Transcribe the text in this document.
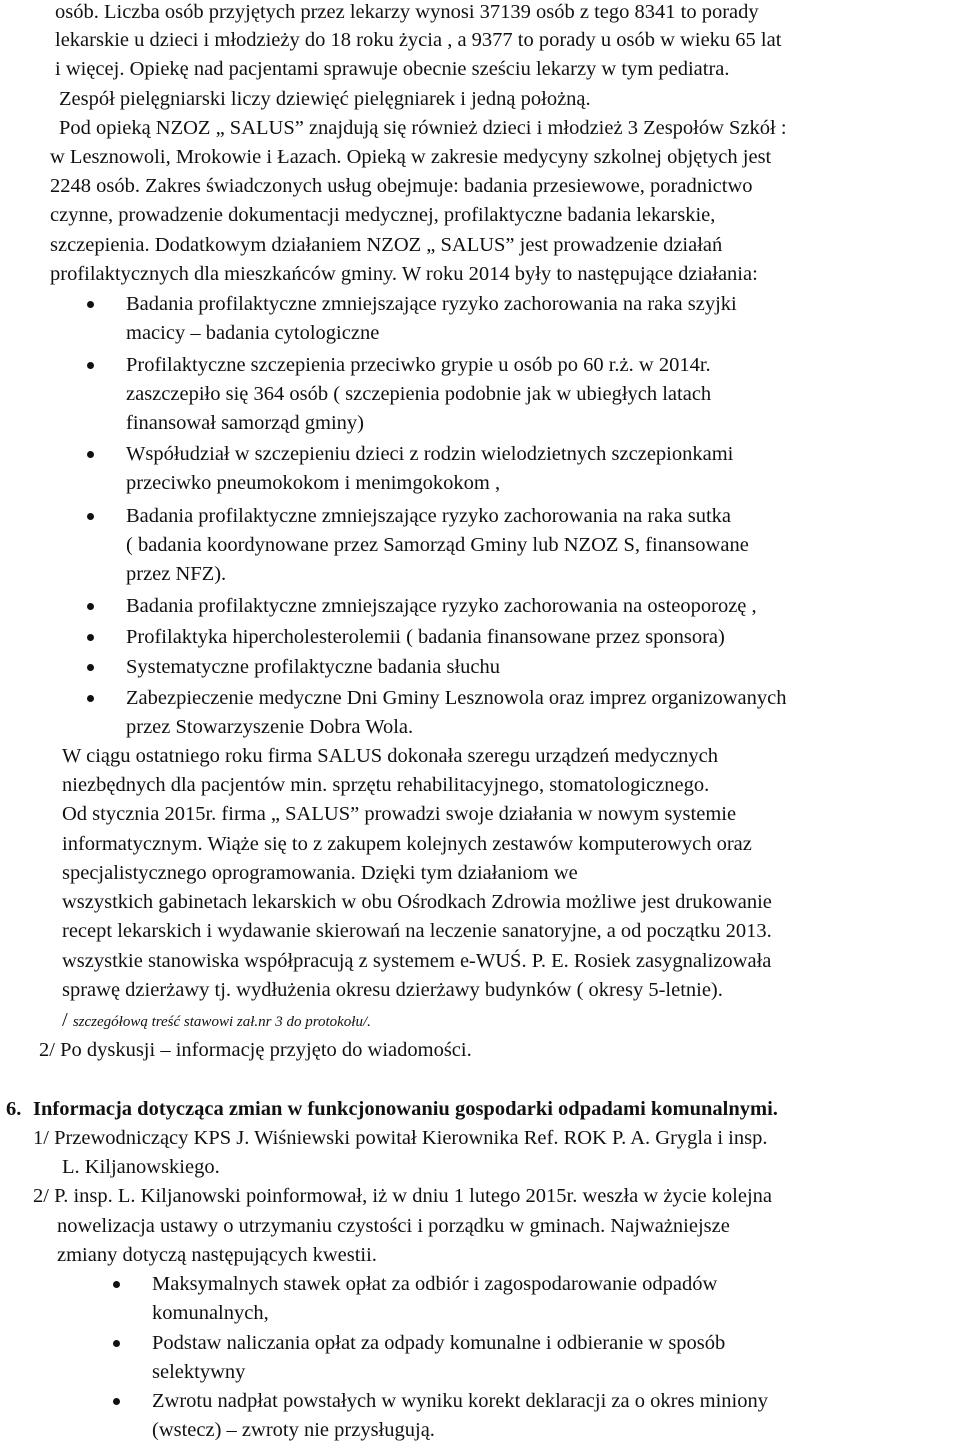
osób. Liczba osób przyjętych przez lekarzy wynosi 37139 osób z tego 8341 to porady
lekarskie u dzieci i młodzieży do 18 roku życia , a 9377 to porady u osób w wieku 65 lat
i więcej. Opiekę nad pacjentami sprawuje obecnie sześciu lekarzy w tym pediatra.
Zespół pielęgniarski liczy dziewięć pielęgniarek i jedną położną.
Pod opieką NZOZ „ SALUS” znajdują się również dzieci i młodzież 3 Zespołów Szkół :
w Lesznowoli, Mrokowie i Łazach. Opieką w zakresie medycyny szkolnej objętych jest
2248 osób. Zakres świadczonych usług obejmuje: badania przesiewowe, poradnictwo
czynne, prowadzenie dokumentacji medycznej, profilaktyczne badania lekarskie,
szczepienia. Dodatkowym działaniem NZOZ „ SALUS” jest prowadzenie działań
profilaktycznych dla mieszkańców gminy. W roku 2014 były to następujące działania:
Badania profilaktyczne zmniejszające ryzyko zachorowania na raka szyjki
macicy – badania cytologiczne
Profilaktyczne szczepienia przeciwko grypie u osób po 60 r.ż. w 2014r.
zaszczepiło się 364 osób ( szczepienia podobnie jak w ubiegłych latach
finansował samorząd gminy)
Współudział w szczepieniu dzieci z rodzin wielodzietnych szczepionkami
przeciwko pneumokokom i menimgokokom ,
Badania profilaktyczne zmniejszające ryzyko zachorowania na raka sutka
( badania koordynowane przez Samorząd Gminy lub NZOZ S, finansowane
przez NFZ).
Badania profilaktyczne zmniejszające ryzyko zachorowania na osteoporozę ,
Profilaktyka hipercholesterolemii ( badania finansowane przez sponsora)
Systematyczne profilaktyczne badania słuchu
Zabezpieczenie medyczne Dni Gminy Lesznowola oraz imprez organizowanych
przez Stowarzyszenie Dobra Wola.
W ciągu ostatniego roku firma SALUS dokonała szeregu urządzeń medycznych
niezbędnych dla pacjentów min. sprzętu rehabilitacyjnego, stomatologicznego.
Od stycznia 2015r. firma „ SALUS” prowadzi swoje działania w nowym systemie
informatycznym. Wiąże się to z zakupem kolejnych zestawów komputerowych oraz
specjalistycznego oprogramowania. Dzięki tym działaniom we
wszystkich gabinetach lekarskich w obu Ośrodkach Zdrowia możliwe jest drukowanie
recept lekarskich i wydawanie skierowań na leczenie sanatoryjne, a od początku 2013.
wszystkie stanowiska współpracują z systemem e-WUŚ. P. E. Rosiek zasygnalizowała
sprawę dzierżawy tj. wydłużenia okresu dzierżawy budynków ( okresy 5-letnie).
/ szczegółową treść stawowi zał.nr 3 do protokołu/.
2/ Po dyskusji – informację przyjęto do wiadomości.
6. Informacja dotycząca zmian w funkcjonowaniu gospodarki odpadami komunalnymi.
1/ Przewodniczący KPS J. Wiśniewski powitał Kierownika Ref. ROK P. A. Grygla i insp.
L. Kiljanowskiego.
2/ P. insp. L. Kiljanowski poinformował, iż w dniu 1 lutego 2015r. weszła w życie kolejna
nowelizacja ustawy o utrzymaniu czystości i porządku w gminach. Najważniejsze
zmiany dotyczą następujących kwestii.
Maksymalnych stawek opłat za odbiór i zagospodarowanie odpadów
komunalnych,
Podstaw naliczania opłat za odpady komunalne i odbieranie w sposób
selektywny
Zwrotu nadpłat powstałych w wyniku korekt deklaracji za o okres miniony
(wstecz) – zwroty nie przysługują.
